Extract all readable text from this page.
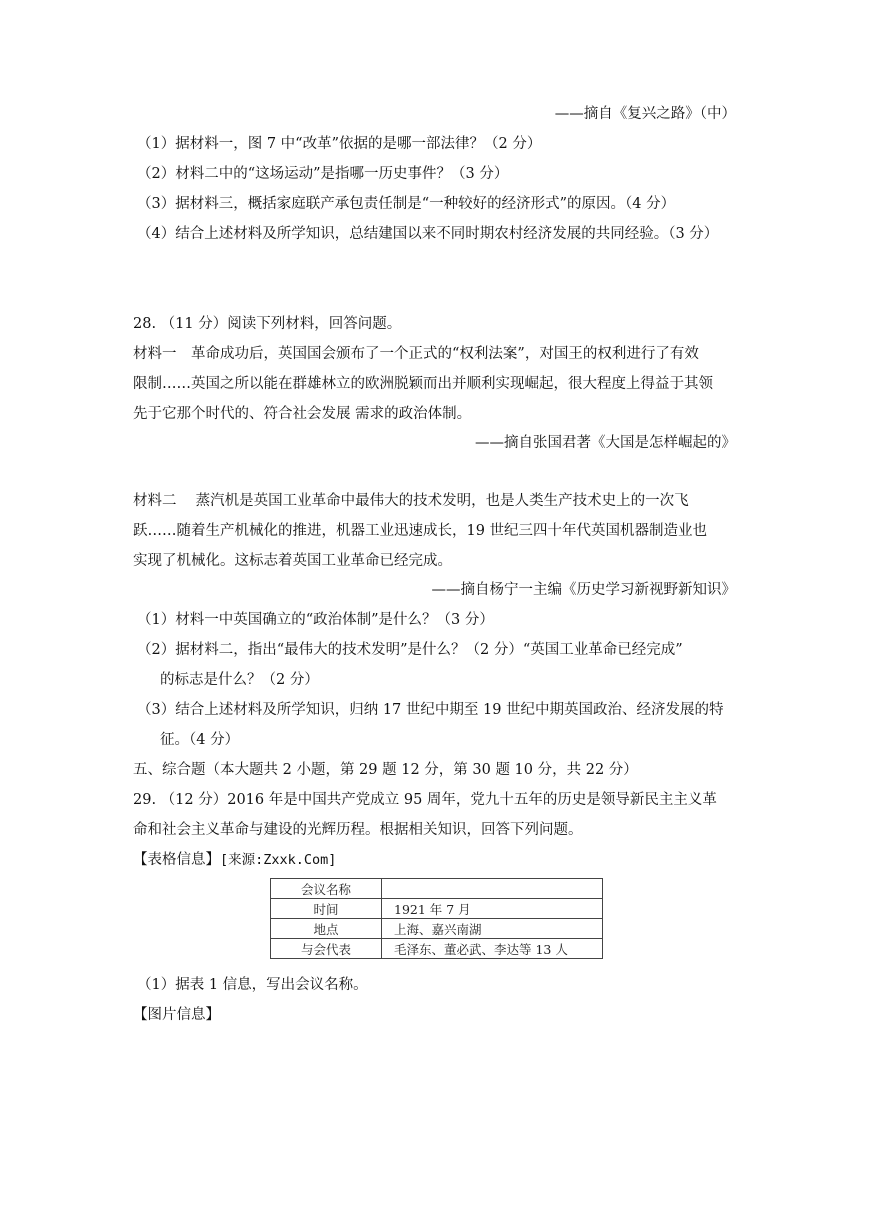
——摘自《复兴之路》（中）
（1）据材料一，图 7 中“改革”依据的是哪一部法律？（2 分）
（2）材料二中的“这场运动”是指哪一历史事件？（3 分）
（3）据材料三，概括家庭联产承包责任制是“一种较好的经济形式”的原因。（4 分）
（4）结合上述材料及所学知识，总结建国以来不同时期农村经济发展的共同经验。（3 分）
28. （11 分）阅读下列材料，回答问题。
材料一　革命成功后，英国国会颁布了一个正式的“权利法案”，对国王的权利进行了有效
限制……英国之所以能在群雄林立的欧洲脱颖而出并顺利实现崛起，很大程度上得益于其领
先于它那个时代的、符合社会发展 需求的政治体制。
——摘自张国君著《大国是怎样崛起的》
材料二　 蒸汽机是英国工业革命中最伟大的技术发明，也是人类生产技术史上的一次飞
跃……随着生产机械化的推进，机器工业迅速成长，19 世纪三四十年代英国机器制造业也
实现了机械化。这标志着英国工业革命已经完成。
——摘自杨宁一主编《历史学习新视野新知识》
（1）材料一中英国确立的“政治体制”是什么？（3 分）
（2）据材料二，指出“最伟大的技术发明”是什么？（2 分）“英国工业革命已经完成”
的标志是什么？（2 分）
（3）结合上述材料及所学知识，归纳 17 世纪中期至 19 世纪中期英国政治、经济发展的特
征。（4 分）
五、综合题（本大题共 2 小题，第 29 题 12 分，第 30 题 10 分，共 22 分）
29. （12 分）2016 年是中国共产党成立 95 周年，党九十五年的历史是领导新民主主义革
命和社会主义革命与建设的光辉历程。根据相关知识，回答下列问题。
【表格信息】[来源:Zxxk.Com]
会议名称	
时间	1921 年 7 月
地点	上海、嘉兴南湖
与会代表	毛泽东、董必武、李达等 13 人
（1）据表 1 信息，写出会议名称。
【图片信息】
